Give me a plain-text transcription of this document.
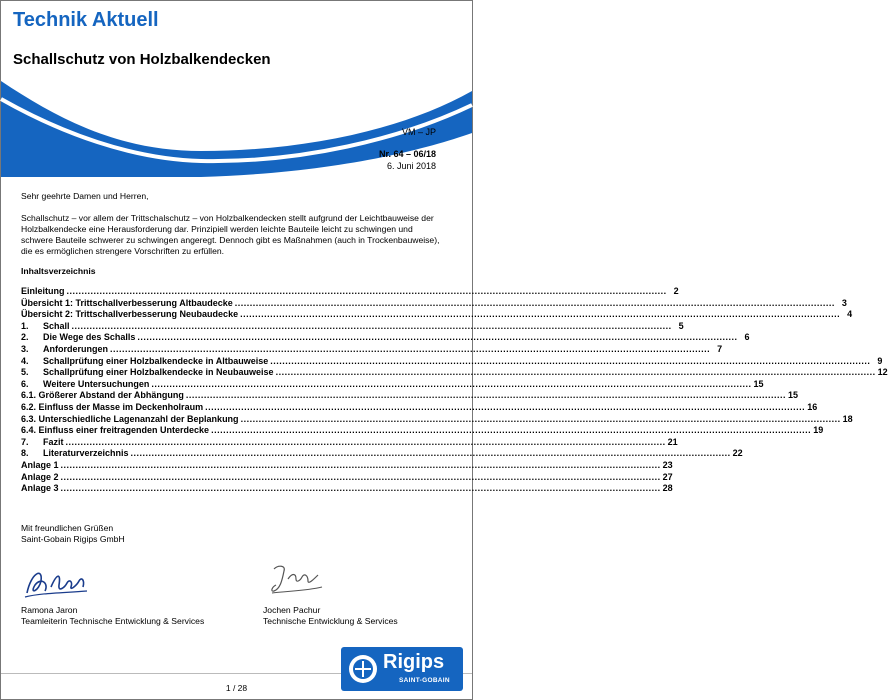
Technik Aktuell
Schallschutz von Holzbalkendecken
VM – JP
Nr. 64 – 06/18
6. Juni 2018
Sehr geehrte Damen und Herren,
Schallschutz – vor allem der Trittschalschutz – von Holzbalkendecken stellt aufgrund der Leichtbauweise der Holzbalkendecke eine Herausforderung dar. Prinzipiell werden leichte Bauteile leicht zu schwingen und schwere Bauteile schwerer zu schwingen angeregt. Dennoch gibt es Maßnahmen (auch in Trockenbauweise), die es ermöglichen strengere Vorschriften zu erfüllen.
Inhaltsverzeichnis
Einleitung ........................................................................................................................................................................................................ 2
Übersicht 1: Trittschallverbesserung Altbaudecke ........................................................................................................................................................................................................ 3
Übersicht 2: Trittschallverbesserung Neubaudecke ........................................................................................................................................................................................................ 4
1.	Schall ........................................................................................................................................................................................................ 5
2.	Die Wege des Schalls ........................................................................................................................................................................................................ 6
3.	Anforderungen ........................................................................................................................................................................................................ 7
4.	Schallprüfung einer Holzbalkendecke in Altbauweise ........................................................................................................................................................................................................ 9
5.	Schallprüfung einer Holzbalkendecke in Neubauweise ........................................................................................................................................................................................................ 12
6.	Weitere Untersuchungen ........................................................................................................................................................................................................ 15
6.1. Größerer Abstand der Abhängung ........................................................................................................................................................................................................ 15
6.2. Einfluss der Masse im Deckenholraum ........................................................................................................................................................................................................ 16
6.3. Unterschiedliche Lagenanzahl der Beplankung ........................................................................................................................................................................................................ 18
6.4. Einfluss einer freitragenden Unterdecke ........................................................................................................................................................................................................ 19
7.	Fazit ........................................................................................................................................................................................................ 21
8.	Literaturverzeichnis ........................................................................................................................................................................................................ 22
Anlage 1 ........................................................................................................................................................................................................ 23
Anlage 2 ........................................................................................................................................................................................................ 27
Anlage 3 ........................................................................................................................................................................................................ 28
Mit freundlichen Grüßen
Saint-Gobain Rigips GmbH
Ramona Jaron
Teamleiterin Technische Entwicklung & Services
Jochen Pachur
Technische Entwicklung & Services
1 / 28
Rigips
SAINT-GOBAIN
